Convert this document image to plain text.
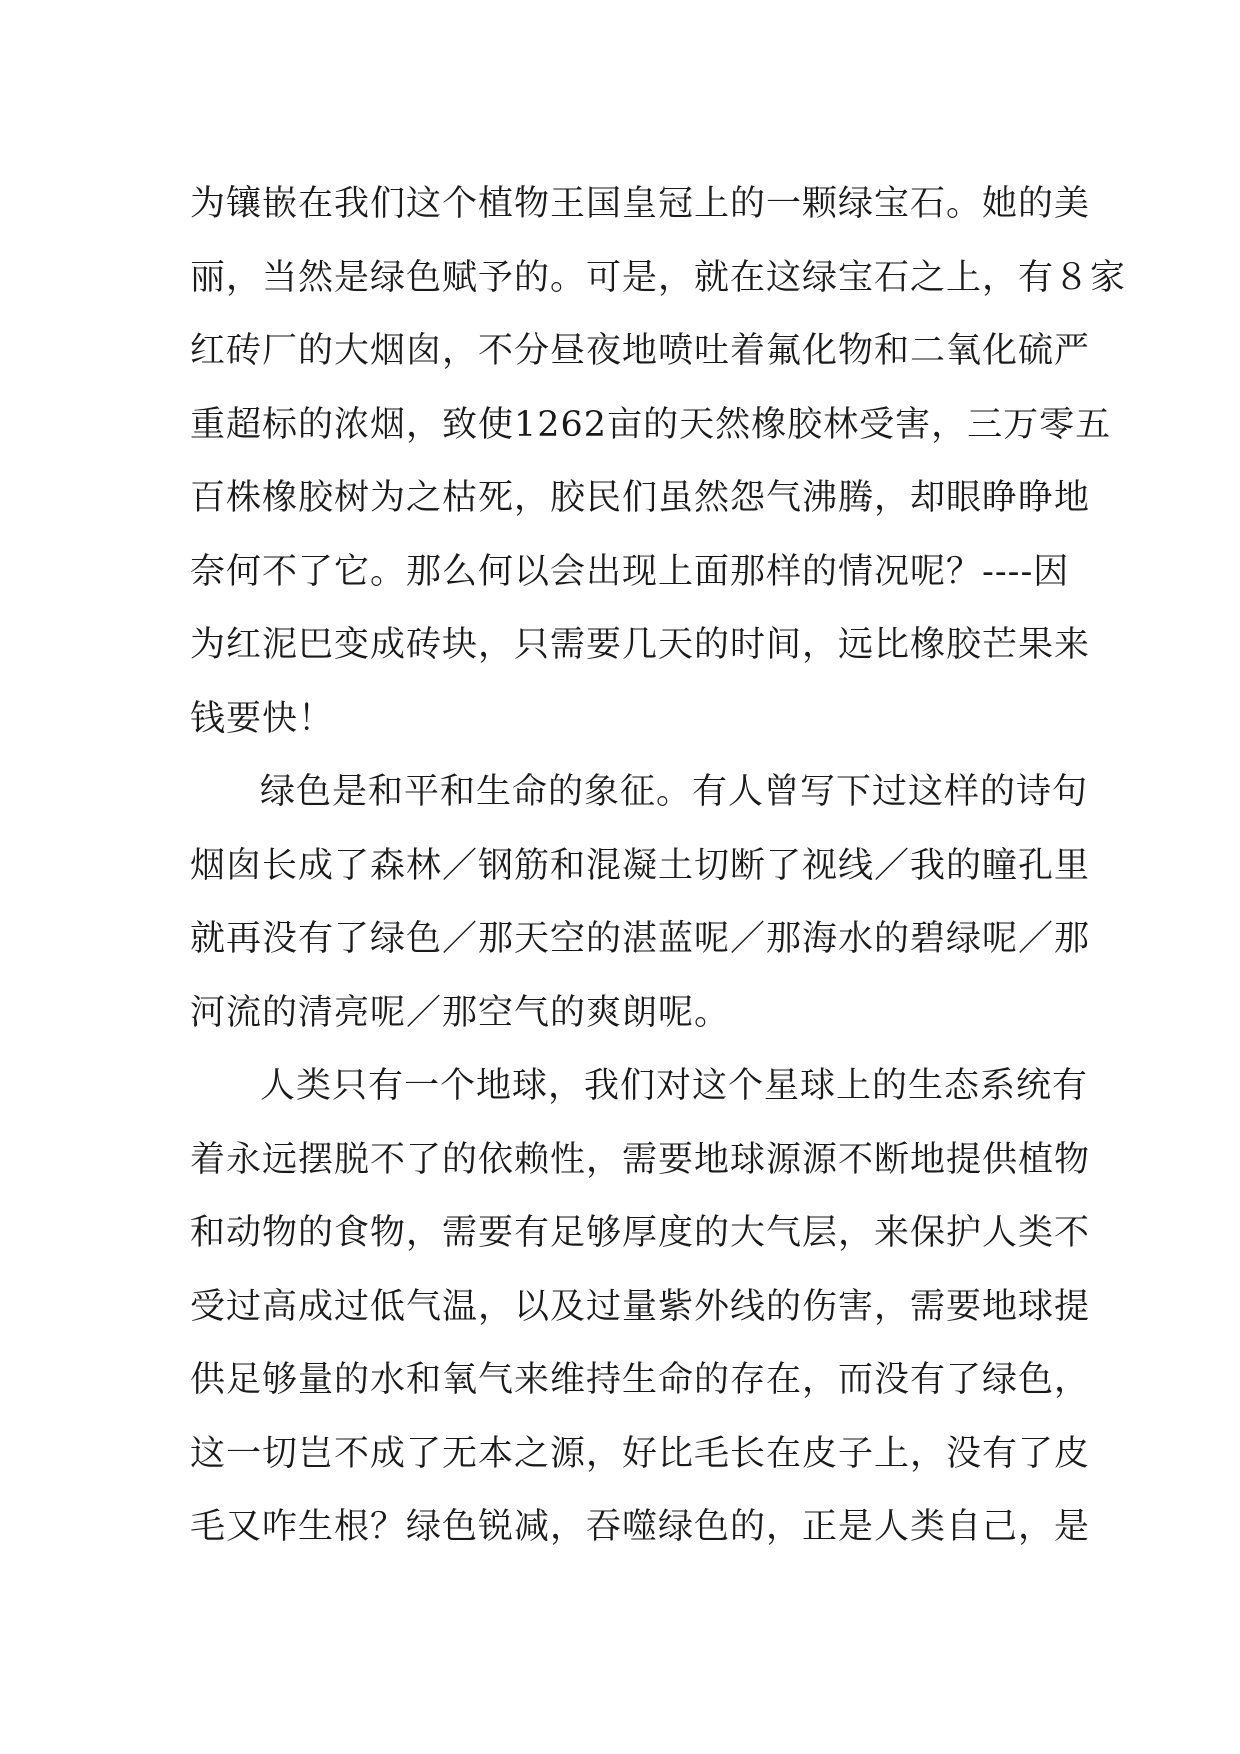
为镶嵌在我们这个植物王国皇冠上的一颗绿宝石。她的美
丽，当然是绿色赋予的。可是，就在这绿宝石之上，有８家
红砖厂的大烟囱，不分昼夜地喷吐着氟化物和二氧化硫严
重超标的浓烟，致使1262亩的天然橡胶林受害，三万零五
百株橡胶树为之枯死，胶民们虽然怨气沸腾，却眼睁睁地
奈何不了它。那么何以会出现上面那样的情况呢？----因
为红泥巴变成砖块，只需要几天的时间，远比橡胶芒果来
钱要快！
绿色是和平和生命的象征。有人曾写下过这样的诗句
烟囱长成了森林／钢筋和混凝土切断了视线／我的瞳孔里
就再没有了绿色／那天空的湛蓝呢／那海水的碧绿呢／那
河流的清亮呢／那空气的爽朗呢。
人类只有一个地球，我们对这个星球上的生态系统有
着永远摆脱不了的依赖性，需要地球源源不断地提供植物
和动物的食物，需要有足够厚度的大气层，来保护人类不
受过高成过低气温，以及过量紫外线的伤害，需要地球提
供足够量的水和氧气来维持生命的存在，而没有了绿色，
这一切岂不成了无本之源，好比毛长在皮子上，没有了皮
毛又咋生根？绿色锐减，吞噬绿色的，正是人类自己，是
